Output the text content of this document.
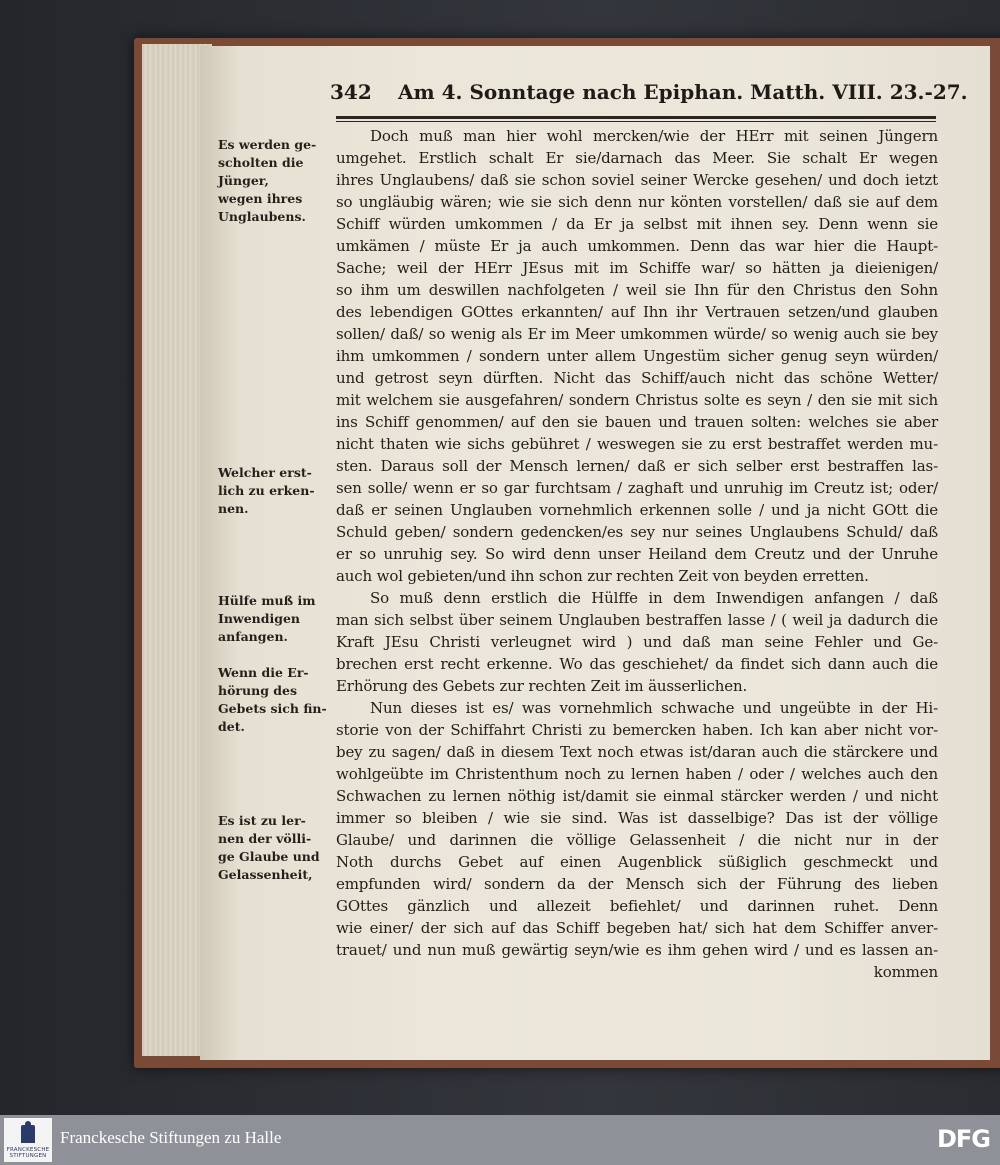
342 Am 4. Sonntage nach Epiphan. Matth. VIII. 23.-27.
Es werden ge-
scholten die
Jünger,
wegen ihres
Unglaubens.
Welcher erst-
lich zu erken-
nen.
Hülfe muß im
Inwendigen
anfangen.
Wenn die Er-
hörung des
Gebets sich fin-
det.
Es ist zu ler-
nen der völli-
ge Glaube und
Gelassenheit,
Doch muß man hier wohl mercken/wie der HErr mit seinen Jüngern
umgehet. Erstlich schalt Er sie/darnach das Meer. Sie schalt Er wegen
ihres Unglaubens/ daß sie schon soviel seiner Wercke gesehen/ und doch ietzt
so ungläubig wären; wie sie sich denn nur könten vorstellen/ daß sie auf dem
Schiff würden umkommen / da Er ja selbst mit ihnen sey. Denn wenn sie
umkämen / müste Er ja auch umkommen. Denn das war hier die Haupt-
Sache; weil der HErr JEsus mit im Schiffe war/ so hätten ja dieienigen/
so ihm um deswillen nachfolgeten / weil sie Ihn für den Christus den Sohn
des lebendigen GOttes erkannten/ auf Ihn ihr Vertrauen setzen/und glauben
sollen/ daß/ so wenig als Er im Meer umkommen würde/ so wenig auch sie bey
ihm umkommen / sondern unter allem Ungestüm sicher genug seyn würden/
und getrost seyn dürften. Nicht das Schiff/auch nicht das schöne Wetter/
mit welchem sie ausgefahren/ sondern Christus solte es seyn / den sie mit sich
ins Schiff genommen/ auf den sie bauen und trauen solten: welches sie aber
nicht thaten wie sichs gebühret / weswegen sie zu erst bestraffet werden mu-
sten. Daraus soll der Mensch lernen/ daß er sich selber erst bestraffen las-
sen solle/ wenn er so gar furchtsam / zaghaft und unruhig im Creutz ist; oder/
daß er seinen Unglauben vornehmlich erkennen solle / und ja nicht GOtt die
Schuld geben/ sondern gedencken/es sey nur seines Unglaubens Schuld/ daß
er so unruhig sey. So wird denn unser Heiland dem Creutz und der Unruhe
auch wol gebieten/und ihn schon zur rechten Zeit von beyden erretten.
So muß denn erstlich die Hülffe in dem Inwendigen anfangen / daß
man sich selbst über seinem Unglauben bestraffen lasse / ( weil ja dadurch die
Kraft JEsu Christi verleugnet wird ) und daß man seine Fehler und Ge-
brechen erst recht erkenne. Wo das geschiehet/ da findet sich dann auch die
Erhörung des Gebets zur rechten Zeit im äusserlichen.
Nun dieses ist es/ was vornehmlich schwache und ungeübte in der Hi-
storie von der Schiffahrt Christi zu bemercken haben. Ich kan aber nicht vor-
bey zu sagen/ daß in diesem Text noch etwas ist/daran auch die stärckere und
wohlgeübte im Christenthum noch zu lernen haben / oder / welches auch den
Schwachen zu lernen nöthig ist/damit sie einmal stärcker werden / und nicht
immer so bleiben / wie sie sind. Was ist dasselbige? Das ist der völlige
Glaube/ und darinnen die völlige Gelassenheit / die nicht nur in der
Noth durchs Gebet auf einen Augenblick süßiglich geschmeckt und
empfunden wird/ sondern da der Mensch sich der Führung des lieben
GOttes gänzlich und allezeit befiehlet/ und darinnen ruhet. Denn
wie einer/ der sich auf das Schiff begeben hat/ sich hat dem Schiffer anver-
trauet/ und nun muß gewärtig seyn/wie es ihm gehen wird / und es lassen an-
kommen
FRANCKESCHE STIFTUNGEN
Franckesche Stiftungen zu Halle	DFG
